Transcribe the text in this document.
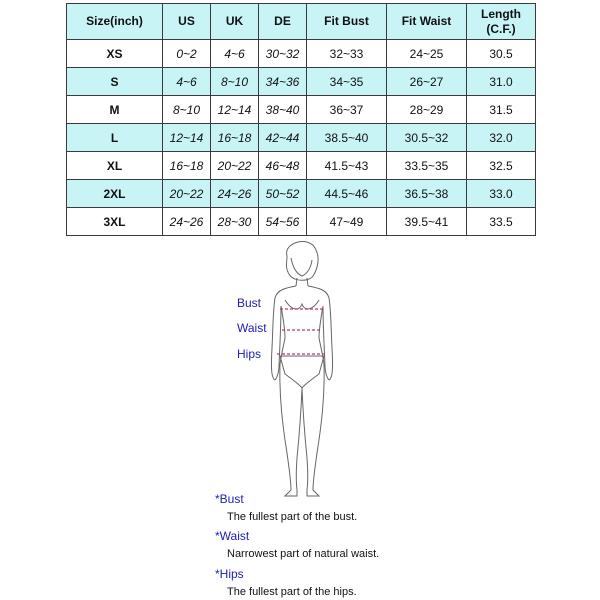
Size(inch)	US	UK	DE	Fit Bust	Fit Waist	Length
(C.F.)
XS	0~2	4~6	30~32	32~33	24~25	30.5
S	4~6	8~10	34~36	34~35	26~27	31.0
M	8~10	12~14	38~40	36~37	28~29	31.5
L	12~14	16~18	42~44	38.5~40	30.5~32	32.0
XL	16~18	20~22	46~48	41.5~43	33.5~35	32.5
2XL	20~22	24~26	50~52	44.5~46	36.5~38	33.0
3XL	24~26	28~30	54~56	47~49	39.5~41	33.5
Bust
Waist
Hips
*Bust
The fullest part of the bust.
*Waist
Narrowest part of natural waist.
*Hips
The fullest part of the hips.
